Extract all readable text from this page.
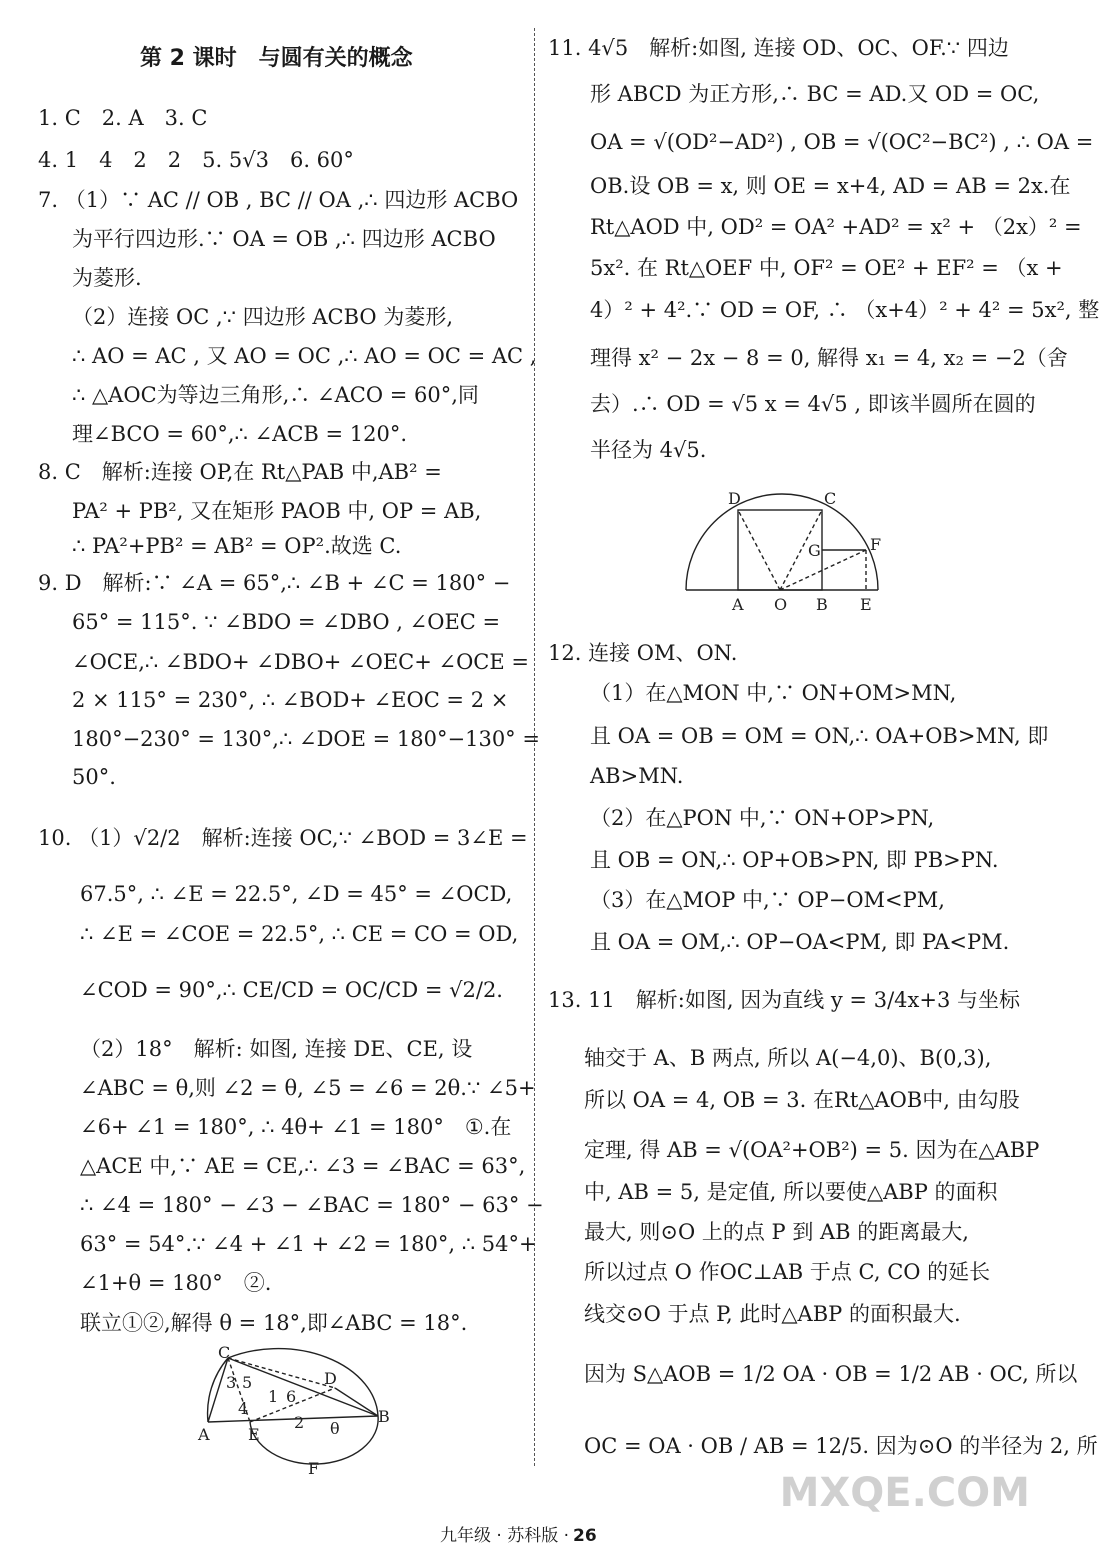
第 2 课时　与圆有关的概念
1. C　2. A　3. C
4. 1　4　2　2　5. 5√3　6. 60°
7. （1）∵ AC // OB , BC // OA ,∴ 四边形 ACBO
为平行四边形.∵ OA = OB ,∴ 四边形 ACBO
为菱形.
（2）连接 OC ,∵ 四边形 ACBO 为菱形,
∴ AO = AC , 又 AO = OC ,∴ AO = OC = AC ,
∴ △AOC为等边三角形,∴ ∠ACO = 60°,同
理∠BCO = 60°,∴ ∠ACB = 120°.
8. C　解析:连接 OP,在 Rt△PAB 中,AB² =
PA² + PB², 又在矩形 PAOB 中, OP = AB,
∴ PA²+PB² = AB² = OP².故选 C.
9. D　解析:∵ ∠A = 65°,∴ ∠B + ∠C = 180° −
65° = 115°. ∵ ∠BDO = ∠DBO , ∠OEC =
∠OCE,∴ ∠BDO+ ∠DBO+ ∠OEC+ ∠OCE =
2 × 115° = 230°, ∴ ∠BOD+ ∠EOC = 2 ×
180°−230° = 130°,∴ ∠DOE = 180°−130° =
50°.
10. （1）√2/2　解析:连接 OC,∵ ∠BOD = 3∠E =
67.5°, ∴ ∠E = 22.5°, ∠D = 45° = ∠OCD,
∴ ∠E = ∠COE = 22.5°, ∴ CE = CO = OD,
∠COD = 90°,∴ CE/CD = OC/CD = √2/2.
（2）18°　解析: 如图, 连接 DE、CE, 设
∠ABC = θ,则 ∠2 = θ, ∠5 = ∠6 = 2θ.∵ ∠5+
∠6+ ∠1 = 180°, ∴ 4θ+ ∠1 = 180°　①.在
△ACE 中,∵ AE = CE,∴ ∠3 = ∠BAC = 63°,
∴ ∠4 = 180° − ∠3 − ∠BAC = 180° − 63° −
63° = 54°.∵ ∠4 + ∠1 + ∠2 = 180°, ∴ 54°+
∠1+θ = 180°　②.
联立①②,解得 θ = 18°,即∠ABC = 18°.
C
3 5
1 6
D
4
2 θ
A E
B
F
11. 4√5　解析:如图, 连接 OD、OC、OF.∵ 四边
形 ABCD 为正方形,∴ BC = AD.又 OD = OC,
OA = √(OD²−AD²) , OB = √(OC²−BC²) , ∴ OA =
OB.设 OB = x, 则 OE = x+4, AD = AB = 2x.在
Rt△AOD 中, OD² = OA² +AD² = x² + （2x）² =
5x². 在 Rt△OEF 中, OF² = OE² + EF² = （x +
4）² + 4².∵ OD = OF, ∴ （x+4）² + 4² = 5x², 整
理得 x² − 2x − 8 = 0, 解得 x₁ = 4, x₂ = −2（舍
去）.∴ OD = √5 x = 4√5 , 即该半圆所在圆的
半径为 4√5.
12. 连接 OM、ON.
（1）在△MON 中,∵ ON+OM>MN,
且 OA = OB = OM = ON,∴ OA+OB>MN, 即
AB>MN.
（2）在△PON 中,∵ ON+OP>PN,
且 OB = ON,∴ OP+OB>PN, 即 PB>PN.
（3）在△MOP 中,∵ OP−OM<PM,
且 OA = OM,∴ OP−OA<PM, 即 PA<PM.
13. 11　解析:如图, 因为直线 y = 3/4x+3 与坐标
轴交于 A、B 两点, 所以 A(−4,0)、B(0,3),
所以 OA = 4, OB = 3. 在Rt△AOB中, 由勾股
定理, 得 AB = √(OA²+OB²) = 5. 因为在△ABP
中, AB = 5, 是定值, 所以要使△ABP 的面积
最大, 则⊙O 上的点 P 到 AB 的距离最大,
所以过点 O 作OC⊥AB 于点 C, CO 的延长
线交⊙O 于点 P, 此时△ABP 的面积最大.
因为 S△AOB = 1/2 OA · OB = 1/2 AB · OC, 所以
OC = OA · OB / AB = 12/5. 因为⊙O 的半径为 2, 所
D	C
G	F
A O B E
MXQE.COM
九年级 · 苏科版 · 26
